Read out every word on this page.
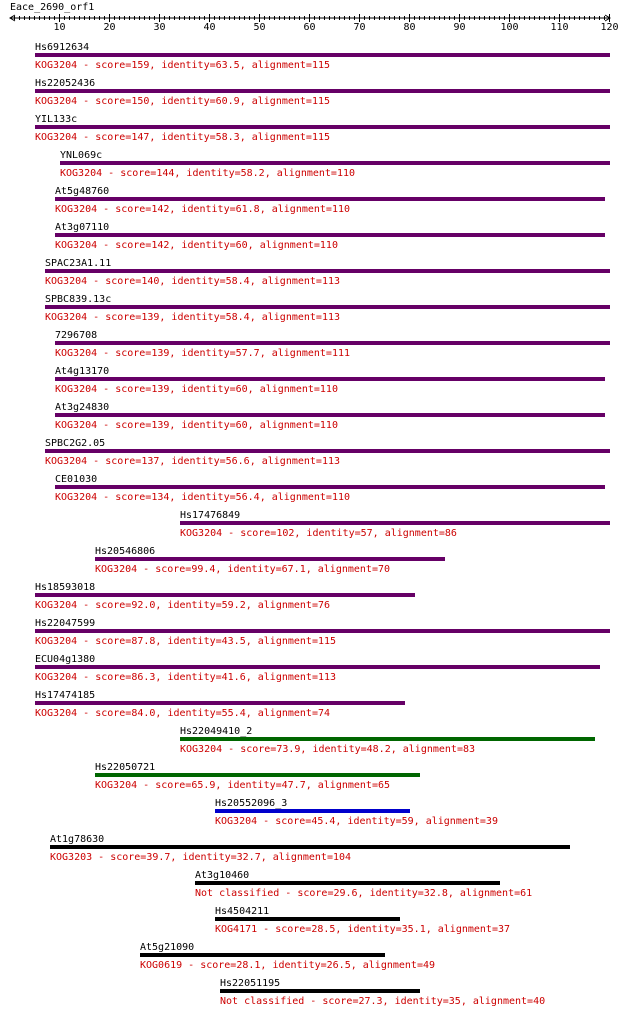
Eace_2690_orf1
10	20	30	40	50	60	70	80	90	100	110	120
Hs6912634
KOG3204 - score=159, identity=63.5, alignment=115
Hs22052436
KOG3204 - score=150, identity=60.9, alignment=115
YIL133c
KOG3204 - score=147, identity=58.3, alignment=115
YNL069c
KOG3204 - score=144, identity=58.2, alignment=110
At5g48760
KOG3204 - score=142, identity=61.8, alignment=110
At3g07110
KOG3204 - score=142, identity=60, alignment=110
SPAC23A1.11
KOG3204 - score=140, identity=58.4, alignment=113
SPBC839.13c
KOG3204 - score=139, identity=58.4, alignment=113
7296708
KOG3204 - score=139, identity=57.7, alignment=111
At4g13170
KOG3204 - score=139, identity=60, alignment=110
At3g24830
KOG3204 - score=139, identity=60, alignment=110
SPBC2G2.05
KOG3204 - score=137, identity=56.6, alignment=113
CE01030
KOG3204 - score=134, identity=56.4, alignment=110
Hs17476849
KOG3204 - score=102, identity=57, alignment=86
Hs20546806
KOG3204 - score=99.4, identity=67.1, alignment=70
Hs18593018
KOG3204 - score=92.0, identity=59.2, alignment=76
Hs22047599
KOG3204 - score=87.8, identity=43.5, alignment=115
ECU04g1380
KOG3204 - score=86.3, identity=41.6, alignment=113
Hs17474185
KOG3204 - score=84.0, identity=55.4, alignment=74
Hs22049410_2
KOG3204 - score=73.9, identity=48.2, alignment=83
Hs22050721
KOG3204 - score=65.9, identity=47.7, alignment=65
Hs20552096_3
KOG3204 - score=45.4, identity=59, alignment=39
At1g78630
KOG3203 - score=39.7, identity=32.7, alignment=104
At3g10460
Not classified - score=29.6, identity=32.8, alignment=61
Hs4504211
KOG4171 - score=28.5, identity=35.1, alignment=37
At5g21090
KOG0619 - score=28.1, identity=26.5, alignment=49
Hs22051195
Not classified - score=27.3, identity=35, alignment=40
